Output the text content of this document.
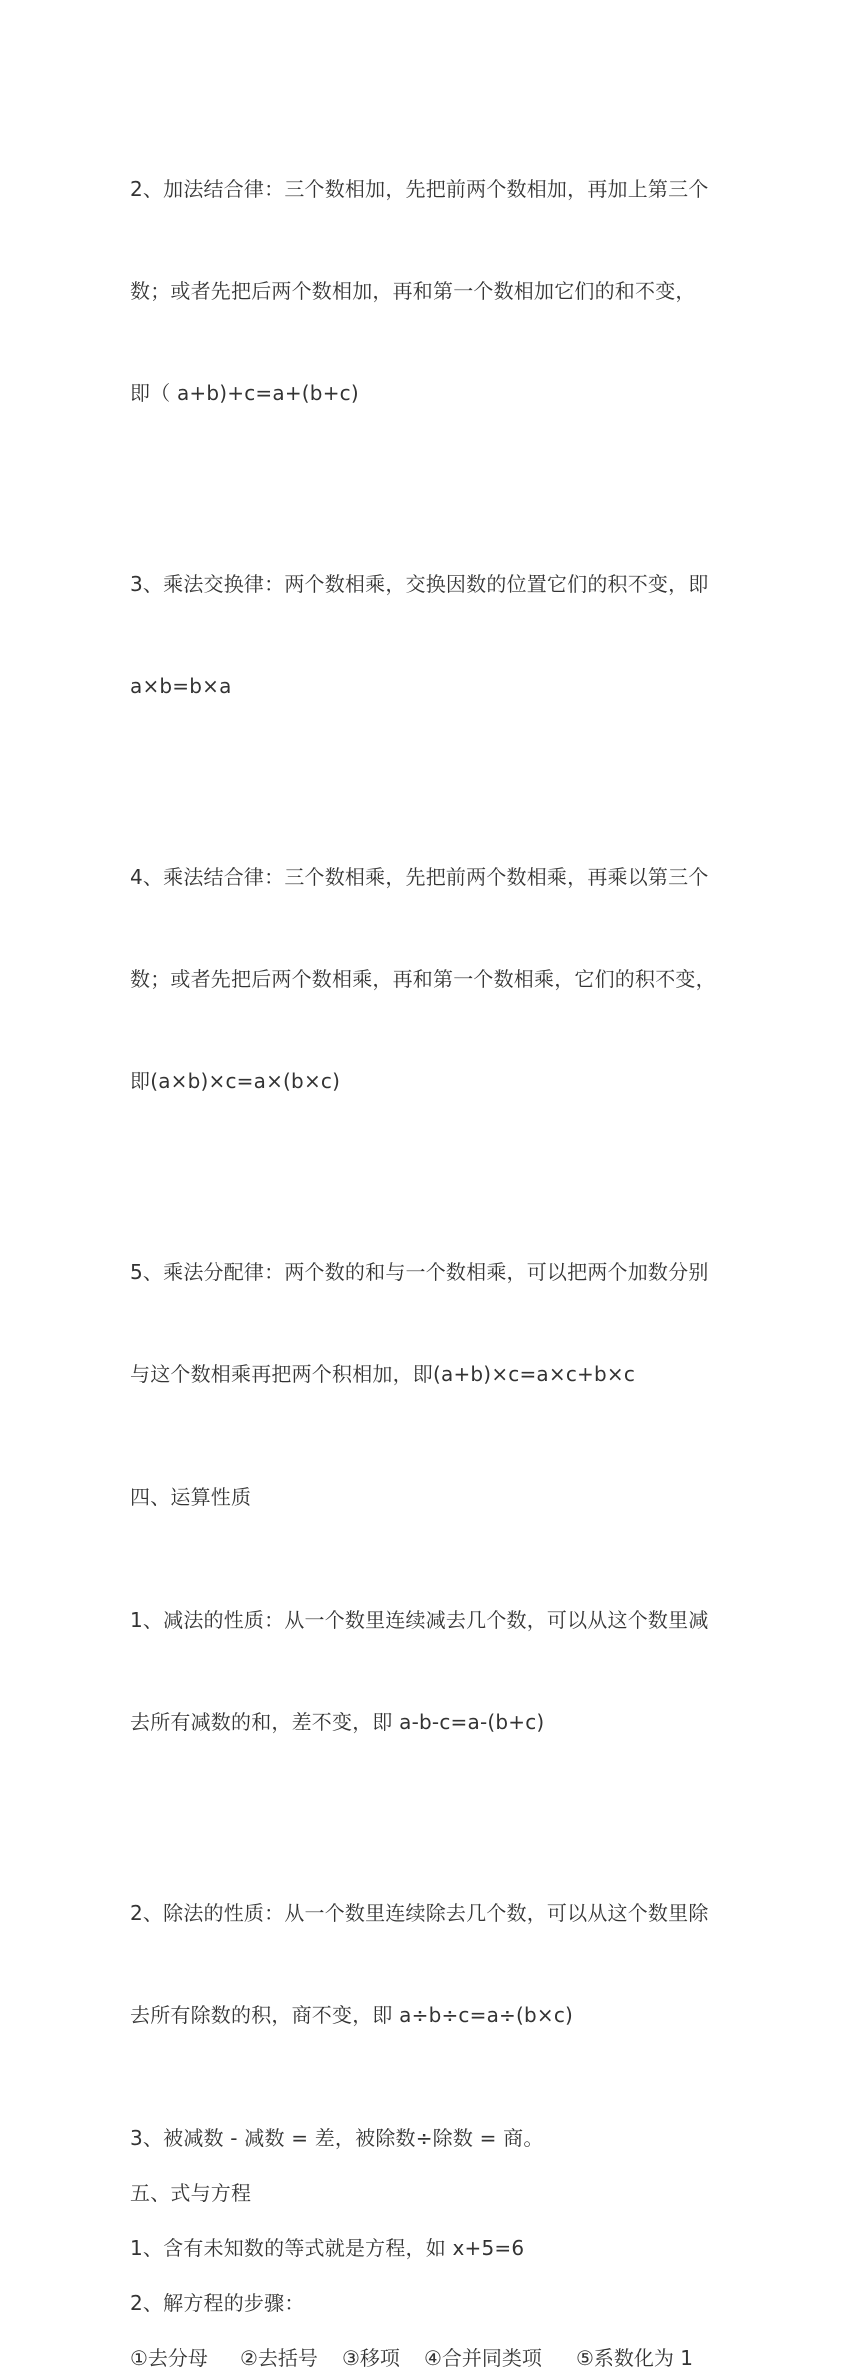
2、加法结合律：三个数相加，先把前两个数相加，再加上第三个

数；或者先把后两个数相加，再和第一个数相加它们的和不变，

即（ a+b)+c=a+(b+c)

3、乘法交换律：两个数相乘，交换因数的位置它们的积不变，即

a×b=b×a

4、乘法结合律：三个数相乘，先把前两个数相乘，再乘以第三个

数；或者先把后两个数相乘，再和第一个数相乘，它们的积不变，

即(a×b)×c=a×(b×c)

5、乘法分配律：两个数的和与一个数相乘，可以把两个加数分别

与这个数相乘再把两个积相加，即(a+b)×c=a×c+b×c

四、运算性质

1、减法的性质：从一个数里连续减去几个数，可以从这个数里减

去所有减数的和，差不变，即 a-b-c=a-(b+c)

2、除法的性质：从一个数里连续除去几个数，可以从这个数里除

去所有除数的积，商不变，即 a÷b÷c=a÷(b×c)

3、被减数 - 减数 = 差，被除数÷除数 = 商。

五、式与方程

1、含有未知数的等式就是方程，如 x+5=6

2、解方程的步骤：

①去分母	②去括号	③移项	④合并同类项	⑤系数化为 1
